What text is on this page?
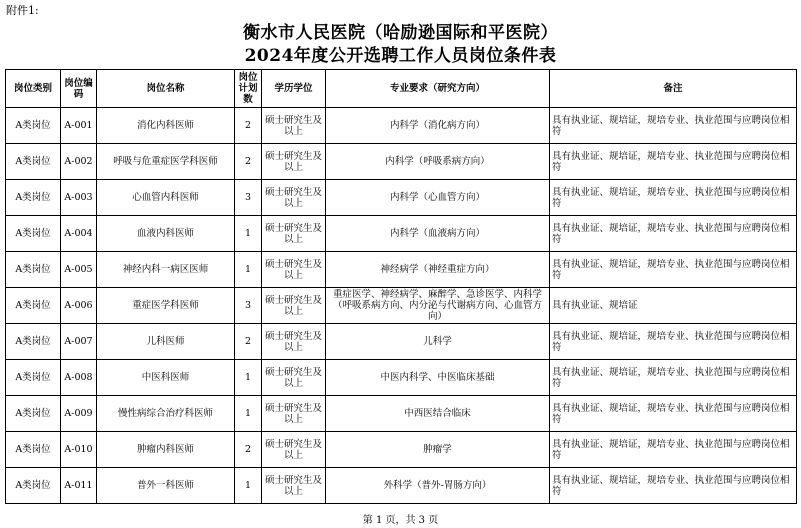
附件1:
衡水市人民医院（哈励逊国际和平医院）
2024年度公开选聘工作人员岗位条件表
岗位类别	岗位编码	岗位名称	岗位计划数	学历学位	专业要求（研究方向）	备注
A类岗位	A-001	消化内科医师	2	硕士研究生及以上	内科学（消化病方向）	具有执业证、规培证，规培专业、执业范围与应聘岗位相符
A类岗位	A-002	呼吸与危重症医学科医师	2	硕士研究生及以上	内科学（呼吸系病方向）	具有执业证、规培证，规培专业、执业范围与应聘岗位相符
A类岗位	A-003	心血管内科医师	3	硕士研究生及以上	内科学（心血管方向）	具有执业证、规培证，规培专业、执业范围与应聘岗位相符
A类岗位	A-004	血液内科医师	1	硕士研究生及以上	内科学（血液病方向）	具有执业证、规培证，规培专业、执业范围与应聘岗位相符
A类岗位	A-005	神经内科一病区医师	1	硕士研究生及以上	神经病学（神经重症方向）	具有执业证、规培证，规培专业、执业范围与应聘岗位相符
A类岗位	A-006	重症医学科医师	3	硕士研究生及以上	重症医学、神经病学、麻醉学、急诊医学、内科学（呼吸系病方向、内分泌与代谢病方向、心血管方向）	具有执业证、规培证
A类岗位	A-007	儿科医师	2	硕士研究生及以上	儿科学	具有执业证、规培证，规培专业、执业范围与应聘岗位相符
A类岗位	A-008	中医科医师	1	硕士研究生及以上	中医内科学、中医临床基础	具有执业证、规培证，规培专业、执业范围与应聘岗位相符
A类岗位	A-009	慢性病综合治疗科医师	1	硕士研究生及以上	中西医结合临床	具有执业证、规培证，规培专业、执业范围与应聘岗位相符
A类岗位	A-010	肿瘤内科医师	2	硕士研究生及以上	肿瘤学	具有执业证、规培证，规培专业、执业范围与应聘岗位相符
A类岗位	A-011	普外一科医师	1	硕士研究生及以上	外科学（普外-胃肠方向）	具有执业证、规培证，规培专业、执业范围与应聘岗位相符
第 1 页，共 3 页
